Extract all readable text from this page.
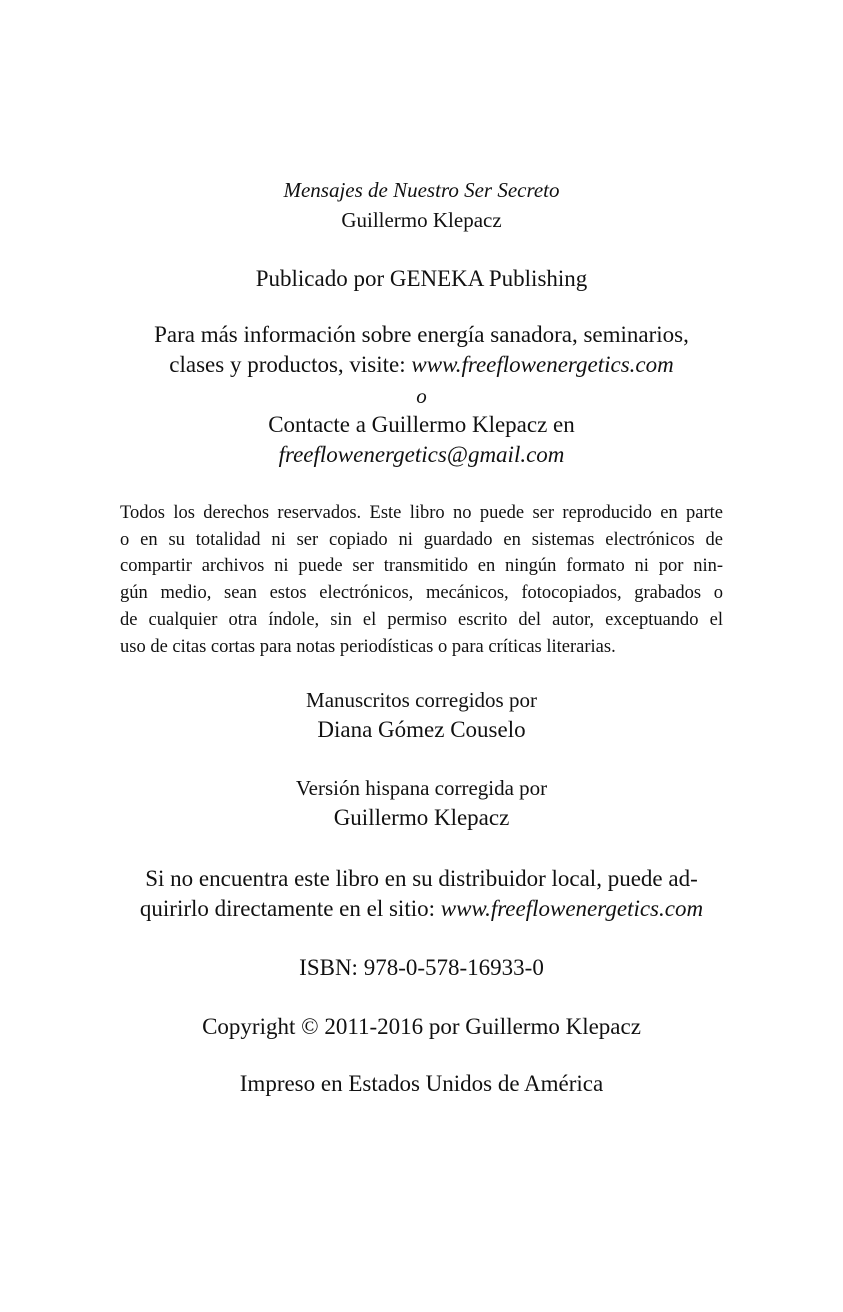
Mensajes de Nuestro Ser Secreto

Guillermo Klepacz

Publicado por GENEKA Publishing

Para más información sobre energía sanadora, seminarios,

clases y productos, visite: www.freeflowenergetics.com

o

Contacte a Guillermo Klepacz en

freeflowenergetics@gmail.com

Todos los derechos reservados. Este libro no puede ser reproducido en parte
o en su totalidad ni ser copiado ni guardado en sistemas electrónicos de
compartir archivos ni puede ser transmitido en ningún formato ni por nin-
gún medio, sean estos electrónicos, mecánicos, fotocopiados, grabados o
de cualquier otra índole, sin el permiso escrito del autor, exceptuando el
uso de citas cortas para notas periodísticas o para críticas literarias.

Manuscritos corregidos por

Diana Gómez Couselo

Versión hispana corregida por

Guillermo Klepacz

Si no encuentra este libro en su distribuidor local, puede ad-

quirirlo directamente en el sitio: www.freeflowenergetics.com

ISBN: 978-0-578-16933-0

Copyright © 2011-2016 por Guillermo Klepacz

Impreso en Estados Unidos de América
